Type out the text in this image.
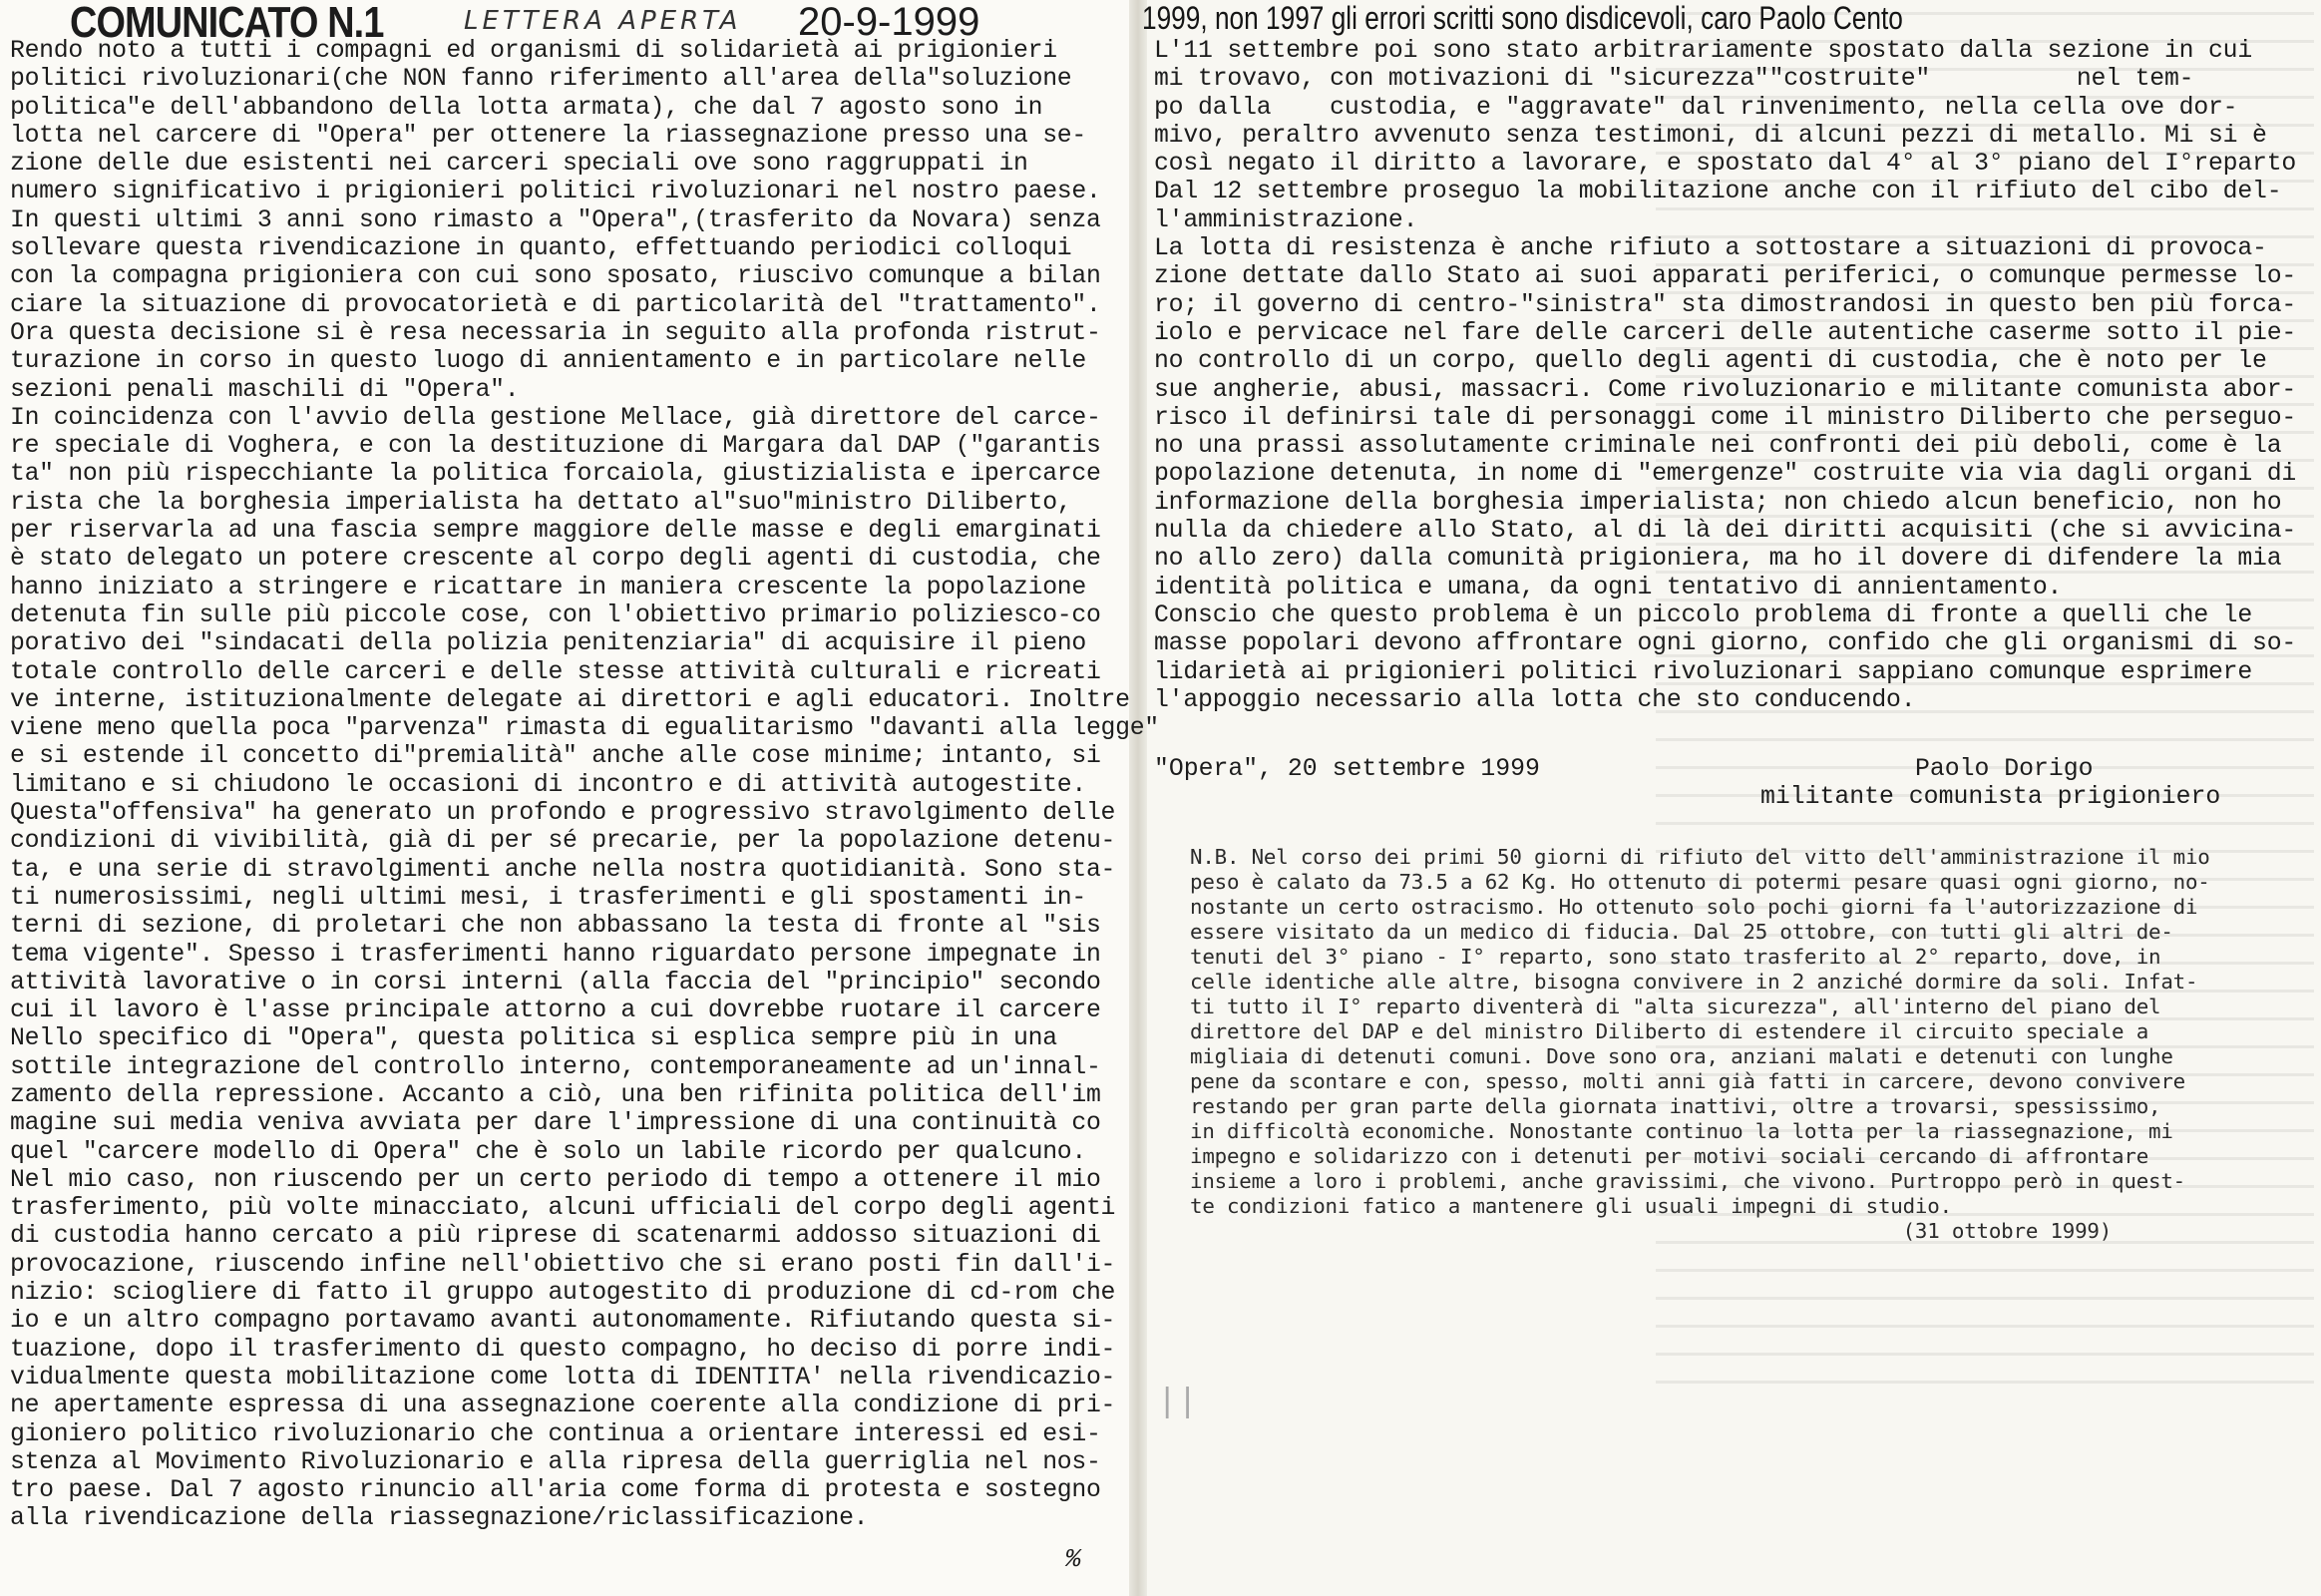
COMUNICATO N.1	LETTERA APERTA 20-9-1999	1999, non 1997 gli errori scritti sono disdicevoli, caro Paolo Cento
Rendo noto a tutti i compagni ed organismi di solidarietà ai prigionieri
politici rivoluzionari(che NON fanno riferimento all'area della"soluzione
politica"e dell'abbandono della lotta armata), che dal 7 agosto sono in
lotta nel carcere di "Opera" per ottenere la riassegnazione presso una se-
zione delle due esistenti nei carceri speciali ove sono raggruppati in
numero significativo i prigionieri politici rivoluzionari nel nostro paese.
In questi ultimi 3 anni sono rimasto a "Opera",(trasferito da Novara) senza
sollevare questa rivendicazione in quanto, effettuando periodici colloqui
con la compagna prigioniera con cui sono sposato, riuscivo comunque a bilan
ciare la situazione di provocatorietà e di particolarità del "trattamento".
Ora questa decisione si è resa necessaria in seguito alla profonda ristrut-
turazione in corso in questo luogo di annientamento e in particolare nelle
sezioni penali maschili di "Opera".
In coincidenza con l'avvio della gestione Mellace, già direttore del carce-
re speciale di Voghera, e con la destituzione di Margara dal DAP ("garantis
ta" non più rispecchiante la politica forcaiola, giustizialista e ipercarce
rista che la borghesia imperialista ha dettato al"suo"ministro Diliberto,
per riservarla ad una fascia sempre maggiore delle masse e degli emarginati
è stato delegato un potere crescente al corpo degli agenti di custodia, che
hanno iniziato a stringere e ricattare in maniera crescente la popolazione
detenuta fin sulle più piccole cose, con l'obiettivo primario poliziesco-co
porativo dei "sindacati della polizia penitenziaria" di acquisire il pieno
totale controllo delle carceri e delle stesse attività culturali e ricreati
ve interne, istituzionalmente delegate ai direttori e agli educatori. Inoltre
viene meno quella poca "parvenza" rimasta di egualitarismo "davanti alla legge"
e si estende il concetto di"premialità" anche alle cose minime; intanto, si
limitano e si chiudono le occasioni di incontro e di attività autogestite.
Questa"offensiva" ha generato un profondo e progressivo stravolgimento delle
condizioni di vivibilità, già di per sé precarie, per la popolazione detenu-
ta, e una serie di stravolgimenti anche nella nostra quotidianità. Sono sta-
ti numerosissimi, negli ultimi mesi, i trasferimenti e gli spostamenti in-
terni di sezione, di proletari che non abbassano la testa di fronte al "sis
tema vigente". Spesso i trasferimenti hanno riguardato persone impegnate in
attività lavorative o in corsi interni (alla faccia del "principio" secondo
cui il lavoro è l'asse principale attorno a cui dovrebbe ruotare il carcere
Nello specifico di "Opera", questa politica si esplica sempre più in una
sottile integrazione del controllo interno, contemporaneamente ad un'innal-
zamento della repressione. Accanto a ciò, una ben rifinita politica dell'im
magine sui media veniva avviata per dare l'impressione di una continuità co
quel "carcere modello di Opera" che è solo un labile ricordo per qualcuno.
Nel mio caso, non riuscendo per un certo periodo di tempo a ottenere il mio
trasferimento, più volte minacciato, alcuni ufficiali del corpo degli agenti
di custodia hanno cercato a più riprese di scatenarmi addosso situazioni di
provocazione, riuscendo infine nell'obiettivo che si erano posti fin dall'i-
nizio: sciogliere di fatto il gruppo autogestito di produzione di cd-rom che
io e un altro compagno portavamo avanti autonomamente. Rifiutando questa si-
tuazione, dopo il trasferimento di questo compagno, ho deciso di porre indi-
vidualmente questa mobilitazione come lotta di IDENTITA' nella rivendicazio-
ne apertamente espressa di una assegnazione coerente alla condizione di pri-
gioniero politico rivoluzionario che continua a orientare interessi ed esi-
stenza al Movimento Rivoluzionario e alla ripresa della guerriglia nel nos-
tro paese. Dal 7 agosto rinuncio all'aria come forma di protesta e sostegno
alla rivendicazione della riassegnazione/riclassificazione.
%
L'11 settembre poi sono stato arbitrariamente spostato dalla sezione in cui
mi trovavo, con motivazioni di "sicurezza""costruite"          nel tem-
po dalla    custodia, e "aggravate" dal rinvenimento, nella cella ove dor-
mivo, peraltro avvenuto senza testimoni, di alcuni pezzi di metallo. Mi si è
così negato il diritto a lavorare, e spostato dal 4° al 3° piano del I°reparto
Dal 12 settembre proseguo la mobilitazione anche con il rifiuto del cibo del-
l'amministrazione.
La lotta di resistenza è anche rifiuto a sottostare a situazioni di provoca-
zione dettate dallo Stato ai suoi apparati periferici, o comunque permesse lo-
ro; il governo di centro-"sinistra" sta dimostrandosi in questo ben più forca-
iolo e pervicace nel fare delle carceri delle autentiche caserme sotto il pie-
no controllo di un corpo, quello degli agenti di custodia, che è noto per le
sue angherie, abusi, massacri. Come rivoluzionario e militante comunista abor-
risco il definirsi tale di personaggi come il ministro Diliberto che perseguo-
no una prassi assolutamente criminale nei confronti dei più deboli, come è la
popolazione detenuta, in nome di "emergenze" costruite via via dagli organi di
informazione della borghesia imperialista; non chiedo alcun beneficio, non ho
nulla da chiedere allo Stato, al di là dei diritti acquisiti (che si avvicina-
no allo zero) dalla comunità prigioniera, ma ho il dovere di difendere la mia
identità politica e umana, da ogni tentativo di annientamento.
Conscio che questo problema è un piccolo problema di fronte a quelli che le
masse popolari devono affrontare ogni giorno, confido che gli organismi di so-
lidarietà ai prigionieri politici rivoluzionari sappiano comunque esprimere
l'appoggio necessario alla lotta che sto conducendo.
"Opera", 20 settembre 1999	Paolo Dorigo
militante comunista prigioniero
N.B. Nel corso dei primi 50 giorni di rifiuto del vitto dell'amministrazione il mio
peso è calato da 73.5 a 62 Kg. Ho ottenuto di potermi pesare quasi ogni giorno, no-
nostante un certo ostracismo. Ho ottenuto solo pochi giorni fa l'autorizzazione di
essere visitato da un medico di fiducia. Dal 25 ottobre, con tutti gli altri de-
tenuti del 3° piano - I° reparto, sono stato trasferito al 2° reparto, dove, in
celle identiche alle altre, bisogna convivere in 2 anziché dormire da soli. Infat-
ti tutto il I° reparto diventerà di "alta sicurezza", all'interno del piano del
direttore del DAP e del ministro Diliberto di estendere il circuito speciale a
migliaia di detenuti comuni. Dove sono ora, anziani malati e detenuti con lunghe
pene da scontare e con, spesso, molti anni già fatti in carcere, devono convivere
restando per gran parte della giornata inattivi, oltre a trovarsi, spessissimo,
in difficoltà economiche. Nonostante continuo la lotta per la riassegnazione, mi
impegno e solidarizzo con i detenuti per motivi sociali cercando di affrontare
insieme a loro i problemi, anche gravissimi, che vivono. Purtroppo però in quest-
te condizioni fatico a mantenere gli usuali impegni di studio.
(31 ottobre 1999)
||
